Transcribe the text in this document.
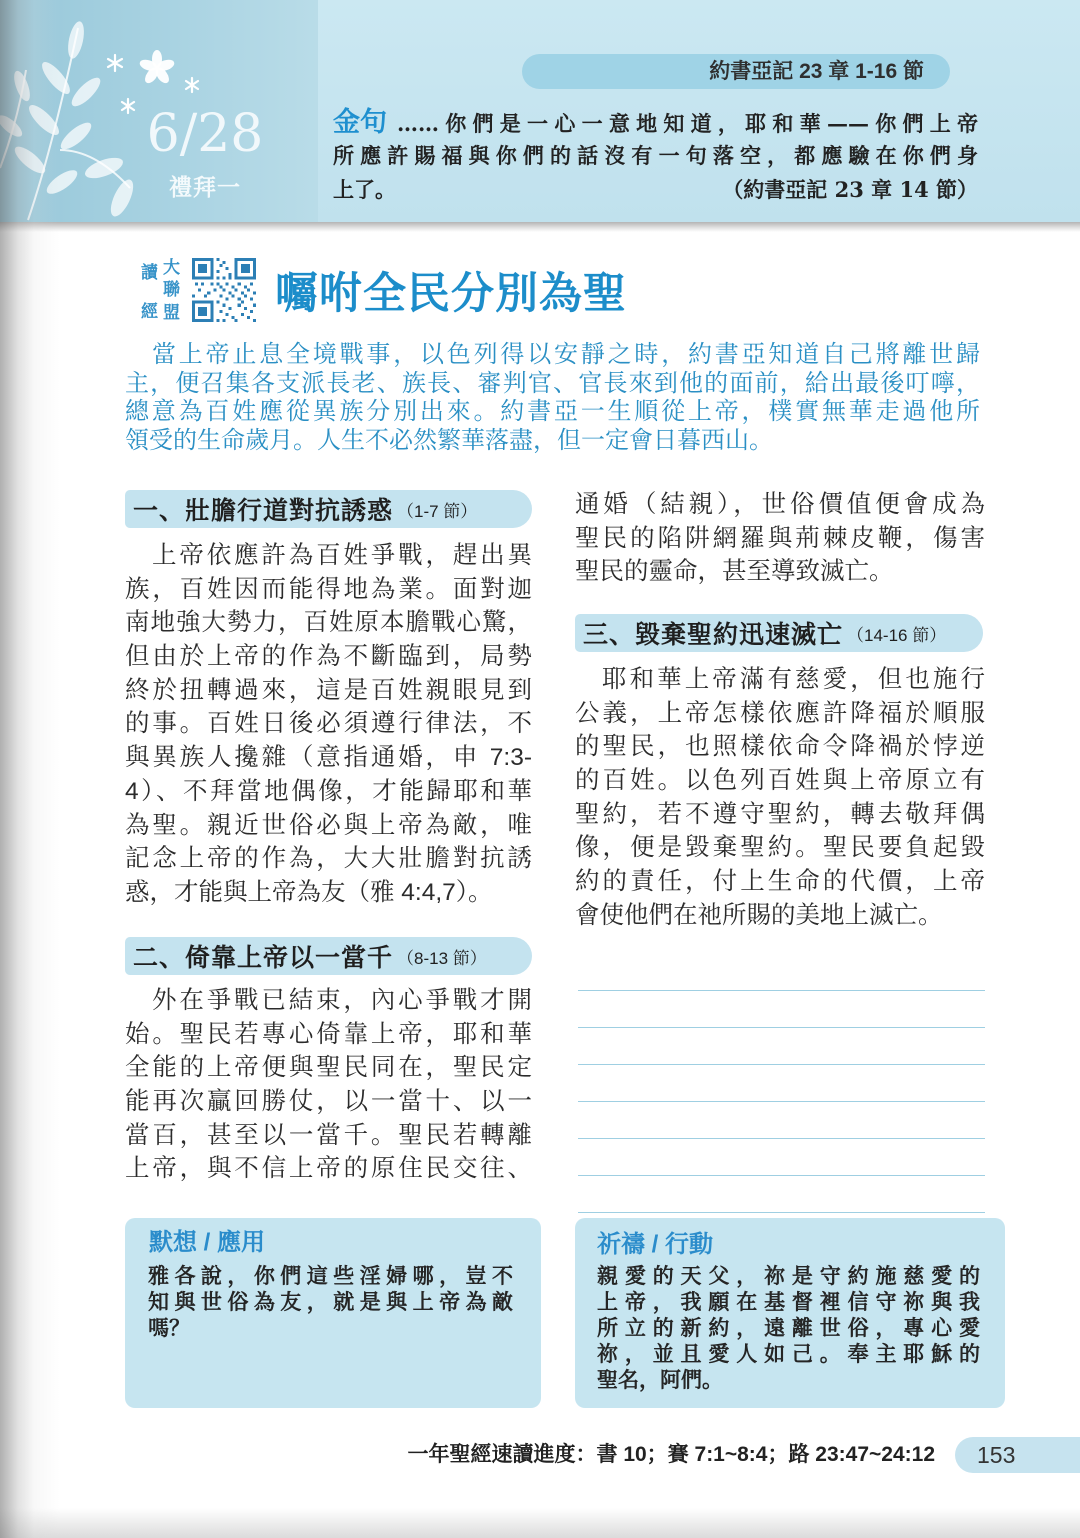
6/28
禮拜一
約書亞記 23 章 1-16 節
金句 ……你們是一心一意地知道，耶和華——你們上帝
所應許賜福與你們的話沒有一句落空，都應驗在你們身
上了。	（約書亞記 23 章 14 節）
讀 大
聯
經 盟 囑咐全民分別為聖
當上帝止息全境戰事，以色列得以安靜之時，約書亞知道自己將離世歸
主，便召集各支派長老、族長、審判官、官長來到他的面前，給出最後叮嚀，
總意為百姓應從異族分別出來。約書亞一生順從上帝，樸實無華走過他所
領受的生命歲月。人生不必然繁華落盡，但一定會日暮西山。
一、壯膽行道對抗誘惑 （1-7 節）
上帝依應許為百姓爭戰，趕出異
族，百姓因而能得地為業。面對迦
南地強大勢力，百姓原本膽戰心驚，
但由於上帝的作為不斷臨到，局勢
終於扭轉過來，這是百姓親眼見到
的事。百姓日後必須遵行律法，不
與異族人攙雜（意指通婚，申 7:3-
4）、不拜當地偶像，才能歸耶和華
為聖。親近世俗必與上帝為敵，唯
記念上帝的作為，大大壯膽對抗誘
惑，才能與上帝為友（雅 4:4,7）。
二、倚靠上帝以一當千 （8-13 節）
外在爭戰已結束，內心爭戰才開
始。聖民若專心倚靠上帝，耶和華
全能的上帝便與聖民同在，聖民定
能再次贏回勝仗，以一當十、以一
當百，甚至以一當千。聖民若轉離
上帝，與不信上帝的原住民交往、
通婚（結親），世俗價值便會成為
聖民的陷阱網羅與荊棘皮鞭，傷害
聖民的靈命，甚至導致滅亡。
三、毀棄聖約迅速滅亡 （14-16 節）
耶和華上帝滿有慈愛，但也施行
公義，上帝怎樣依應許降福於順服
的聖民，也照樣依命令降禍於悖逆
的百姓。以色列百姓與上帝原立有
聖約，若不遵守聖約，轉去敬拜偶
像，便是毀棄聖約。聖民要負起毀
約的責任，付上生命的代價，上帝
會使他們在祂所賜的美地上滅亡。
默想 / 應用
雅各說，你們這些淫婦哪，豈不
知與世俗為友，就是與上帝為敵
嗎？
祈禱 / 行動
親愛的天父，祢是守約施慈愛的
上帝，我願在基督裡信守祢與我
所立的新約，遠離世俗，專心愛
祢，並且愛人如己。奉主耶穌的
聖名，阿們。
一年聖經速讀進度：書 10；賽 7:1~8:4；路 23:47~24:12	153
